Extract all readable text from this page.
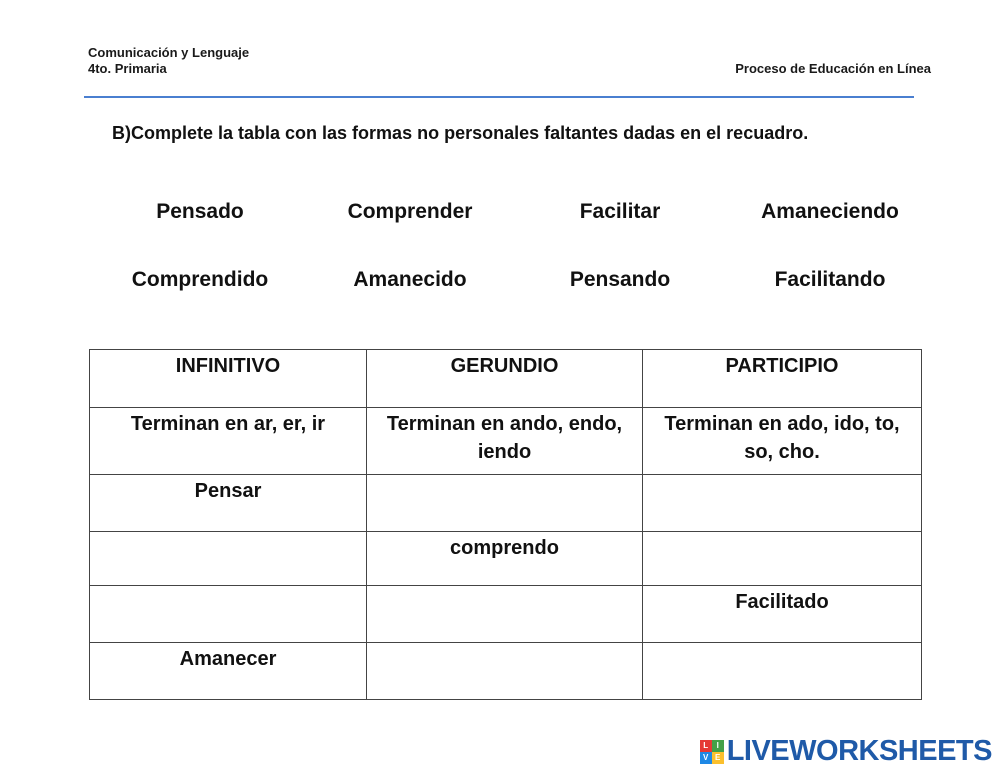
Comunicación y Lenguaje
4to. Primaria	Proceso de Educación en Línea
B)Complete la tabla con las formas no personales faltantes dadas en el recuadro.
Pensado	Comprender	Facilitar	Amaneciendo
Comprendido	Amanecido	Pensando	Facilitando
INFINITIVO	GERUNDIO	PARTICIPIO
Terminan en ar, er, ir	Terminan en ando, endo, iendo	Terminan en ado, ido, to, so, cho.
Pensar		
	comprendo	
		Facilitado
Amanecer		
L	I
V E LIVEWORKSHEETS
